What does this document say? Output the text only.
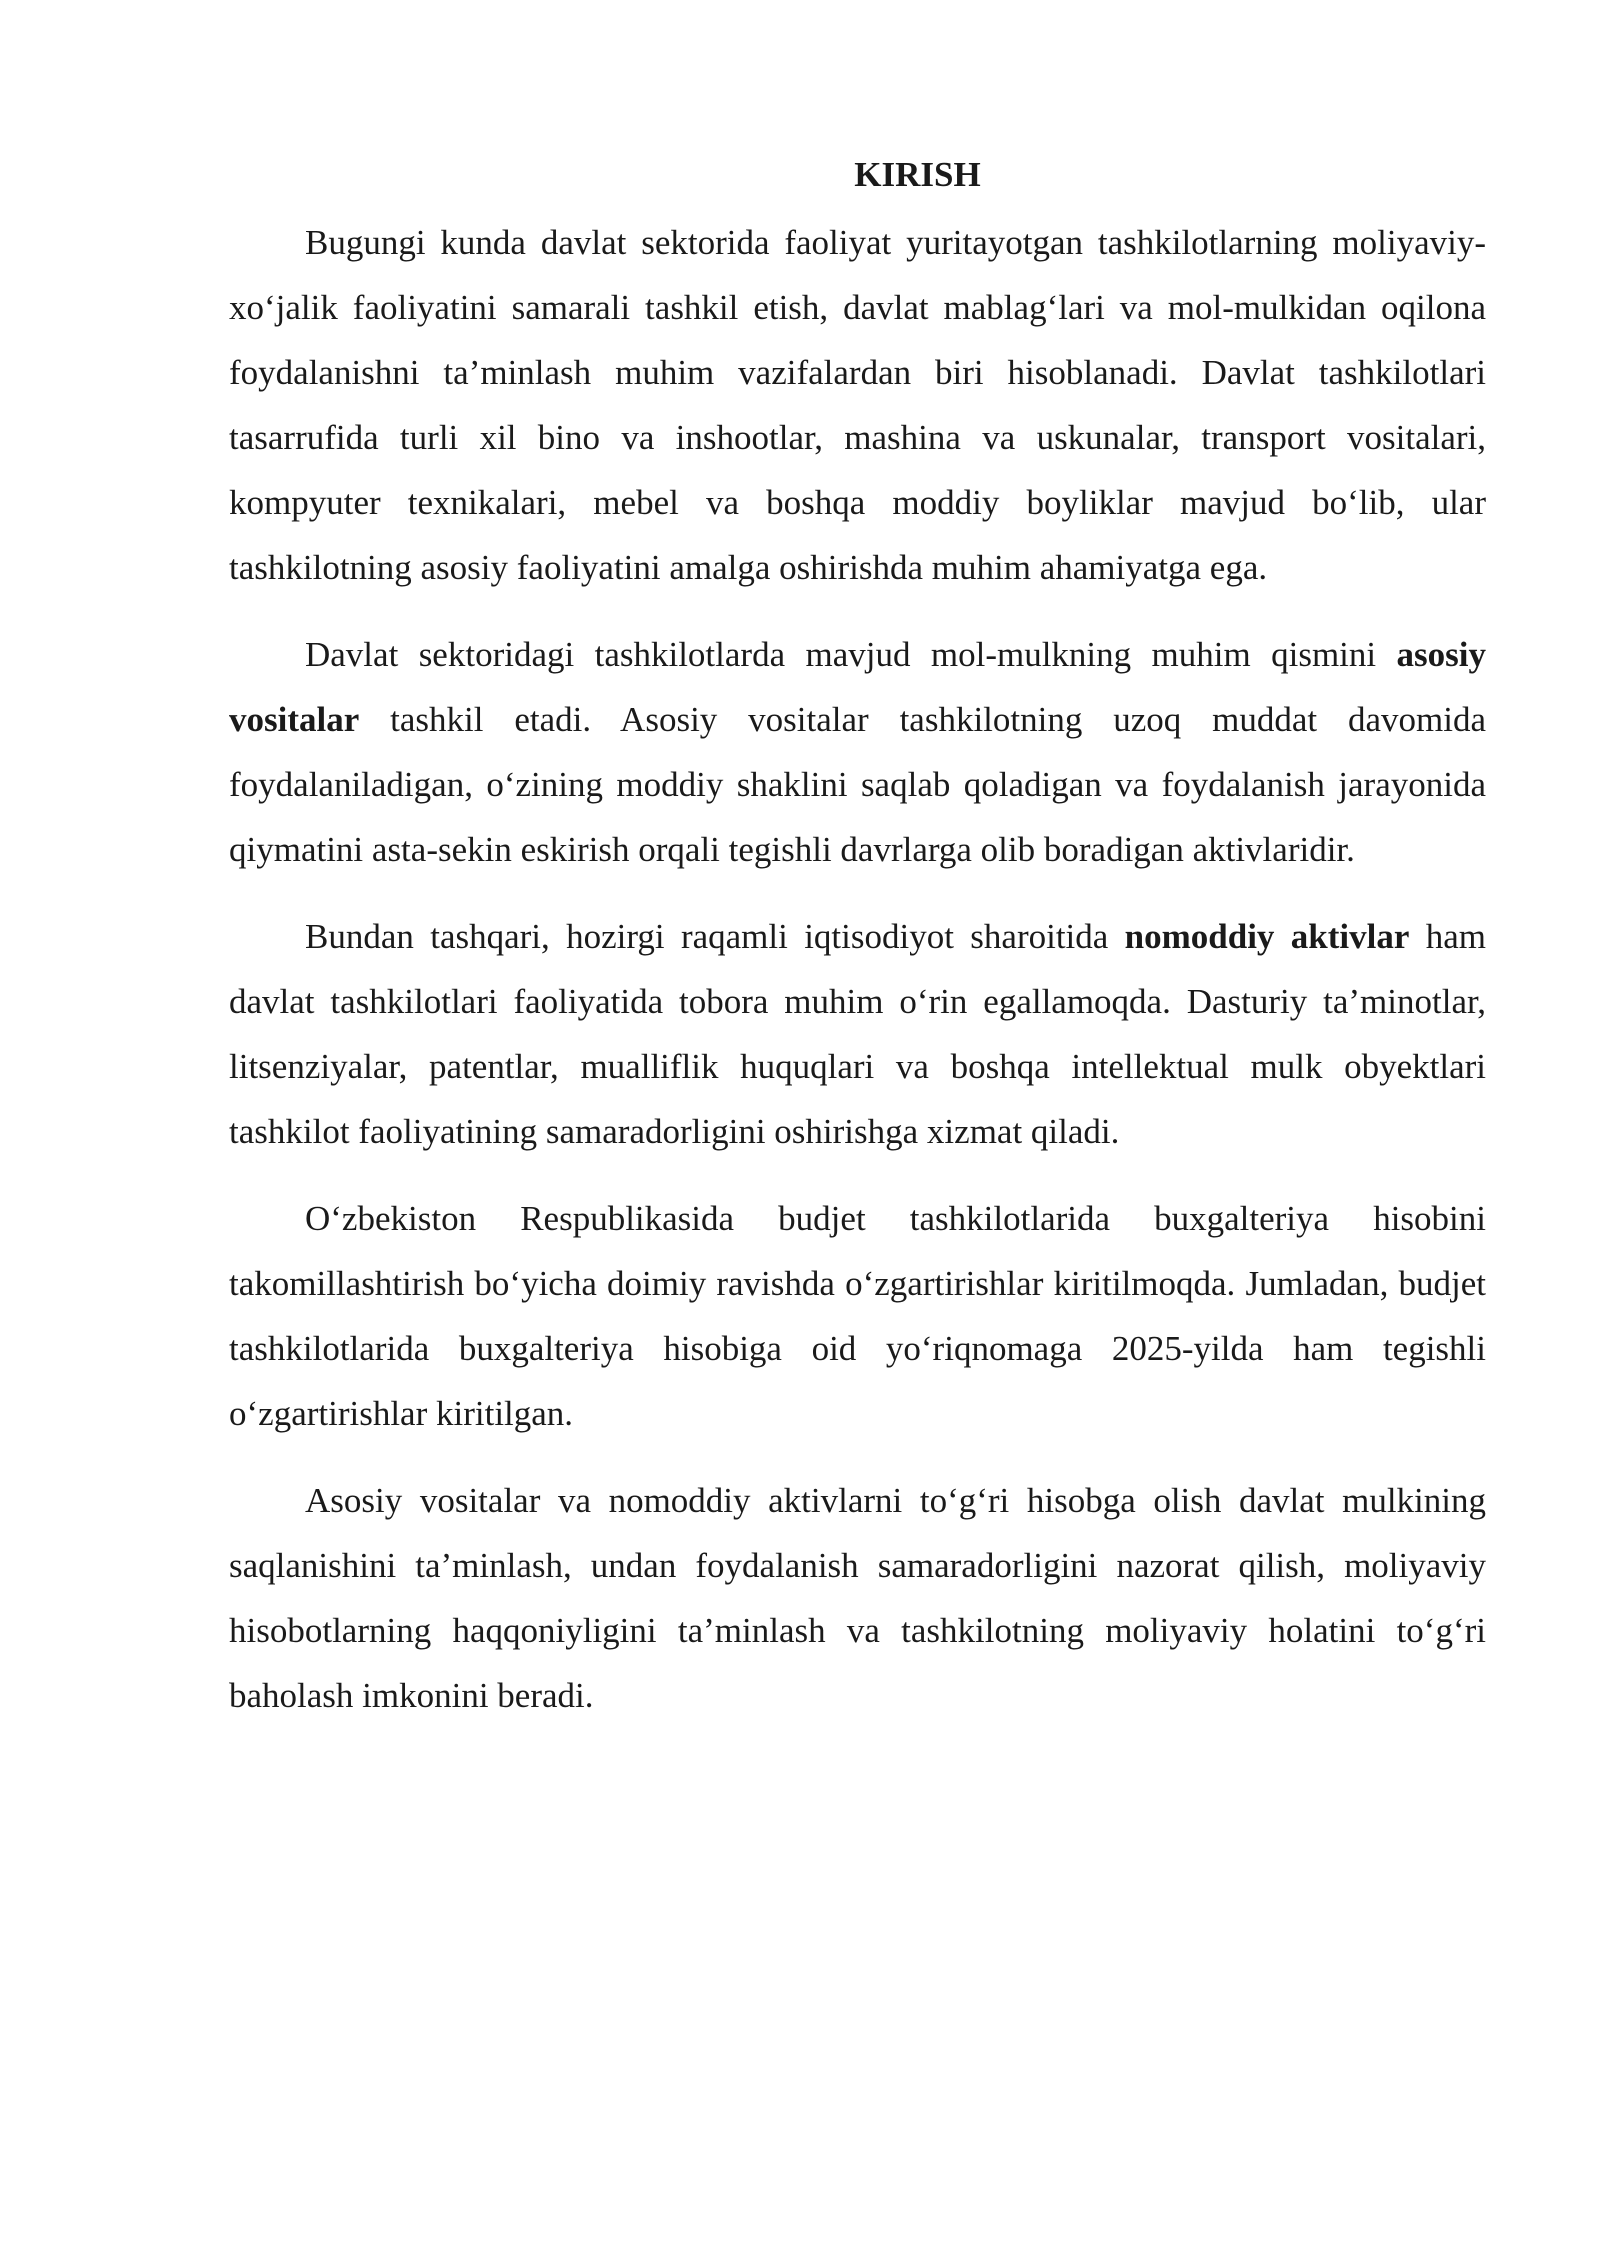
KIRISH

Bugungi kunda davlat sektorida faoliyat yuritayotgan tashkilotlarning moliyaviy-xo‘jalik faoliyatini samarali tashkil etish, davlat mablag‘lari va mol-mulkidan oqilona foydalanishni ta’minlash muhim vazifalardan biri hisoblanadi. Davlat tashkilotlari tasarrufida turli xil bino va inshootlar, mashina va uskunalar, transport vositalari, kompyuter texnikalari, mebel va boshqa moddiy boyliklar mavjud bo‘lib, ular tashkilotning asosiy faoliyatini amalga oshirishda muhim ahamiyatga ega.

Davlat sektoridagi tashkilotlarda mavjud mol-mulkning muhim qismini asosiy vositalar tashkil etadi. Asosiy vositalar tashkilotning uzoq muddat davomida foydalaniladigan, o‘zining moddiy shaklini saqlab qoladigan va foydalanish jarayonida qiymatini asta-sekin eskirish orqali tegishli davrlarga olib boradigan aktivlaridir.

Bundan tashqari, hozirgi raqamli iqtisodiyot sharoitida nomoddiy aktivlar ham davlat tashkilotlari faoliyatida tobora muhim o‘rin egallamoqda. Dasturiy ta’minotlar, litsenziyalar, patentlar, mualliflik huquqlari va boshqa intellektual mulk obyektlari tashkilot faoliyatining samaradorligini oshirishga xizmat qiladi.

O‘zbekiston Respublikasida budjet tashkilotlarida buxgalteriya hisobini takomillashtirish bo‘yicha doimiy ravishda o‘zgartirishlar kiritilmoqda. Jumladan, budjet tashkilotlarida buxgalteriya hisobiga oid yo‘riqnomaga 2025-yilda ham tegishli o‘zgartirishlar kiritilgan.

Asosiy vositalar va nomoddiy aktivlarni to‘g‘ri hisobga olish davlat mulkining saqlanishini ta’minlash, undan foydalanish samaradorligini nazorat qilish, moliyaviy hisobotlarning haqqoniyligini ta’minlash va tashkilotning moliyaviy holatini to‘g‘ri baholash imkonini beradi.
